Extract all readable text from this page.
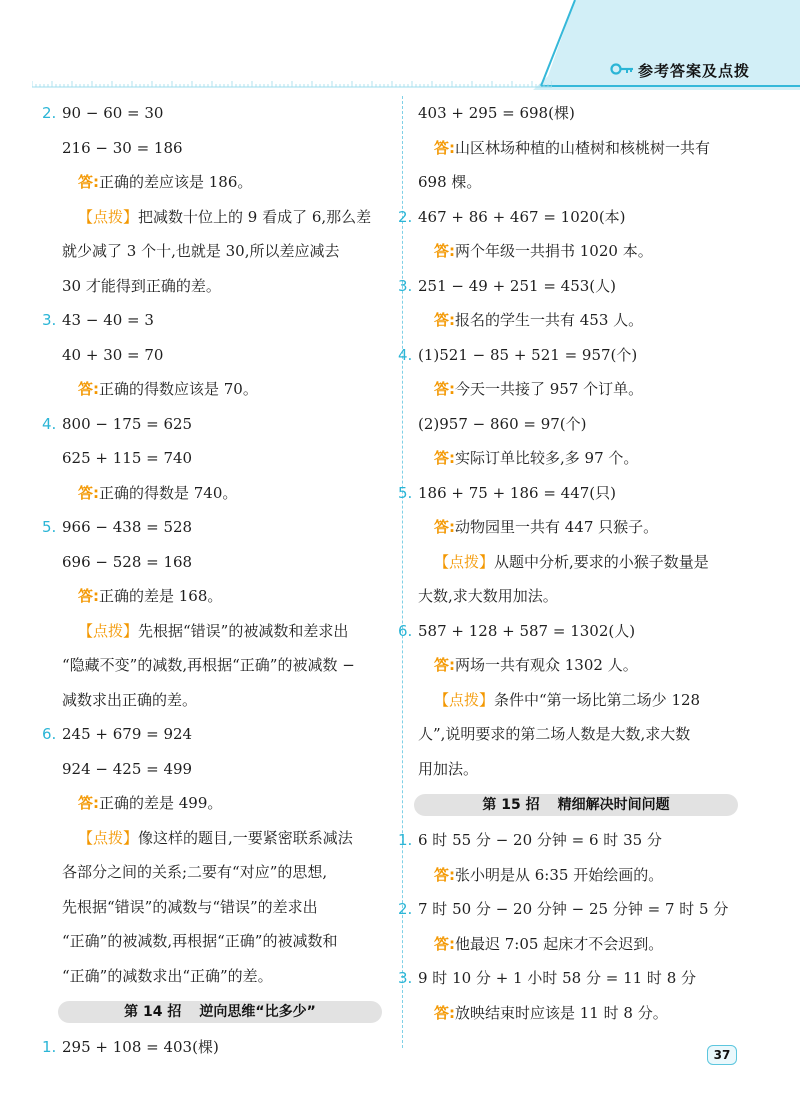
参考答案及点拨
2. 90 − 60 = 30
216 − 30 = 186
答:正确的差应该是 186。
【点拨】把减数十位上的 9 看成了 6,那么差
就少减了 3 个十,也就是 30,所以差应减去
30 才能得到正确的差。
3. 43 − 40 = 3
40 + 30 = 70
答:正确的得数应该是 70。
4. 800 − 175 = 625
625 + 115 = 740
答:正确的得数是 740。
5. 966 − 438 = 528
696 − 528 = 168
答:正确的差是 168。
【点拨】先根据“错误”的被减数和差求出
“隐藏不变”的减数,再根据“正确”的被减数 −
减数求出正确的差。
6. 245 + 679 = 924
924 − 425 = 499
答:正确的差是 499。
【点拨】像这样的题目,一要紧密联系减法
各部分之间的关系;二要有“对应”的思想,
先根据“错误”的减数与“错误”的差求出
“正确”的被减数,再根据“正确”的被减数和
“正确”的减数求出“正确”的差。
第 14 招 逆向思维“比多少”
1. 295 + 108 = 403(棵)
403 + 295 = 698(棵)
答:山区林场种植的山楂树和核桃树一共有
698 棵。
2. 467 + 86 + 467 = 1020(本)
答:两个年级一共捐书 1020 本。
3. 251 − 49 + 251 = 453(人)
答:报名的学生一共有 453 人。
4. (1)521 − 85 + 521 = 957(个)
答:今天一共接了 957 个订单。
(2)957 − 860 = 97(个)
答:实际订单比较多,多 97 个。
5. 186 + 75 + 186 = 447(只)
答:动物园里一共有 447 只猴子。
【点拨】从题中分析,要求的小猴子数量是
大数,求大数用加法。
6. 587 + 128 + 587 = 1302(人)
答:两场一共有观众 1302 人。
【点拨】条件中“第一场比第二场少 128
人”,说明要求的第二场人数是大数,求大数
用加法。
第 15 招 精细解决时间问题
1. 6 时 55 分 − 20 分钟 = 6 时 35 分
答:张小明是从 6:35 开始绘画的。
2. 7 时 50 分 − 20 分钟 − 25 分钟 = 7 时 5 分
答:他最迟 7:05 起床才不会迟到。
3. 9 时 10 分 + 1 小时 58 分 = 11 时 8 分
答:放映结束时应该是 11 时 8 分。
37
